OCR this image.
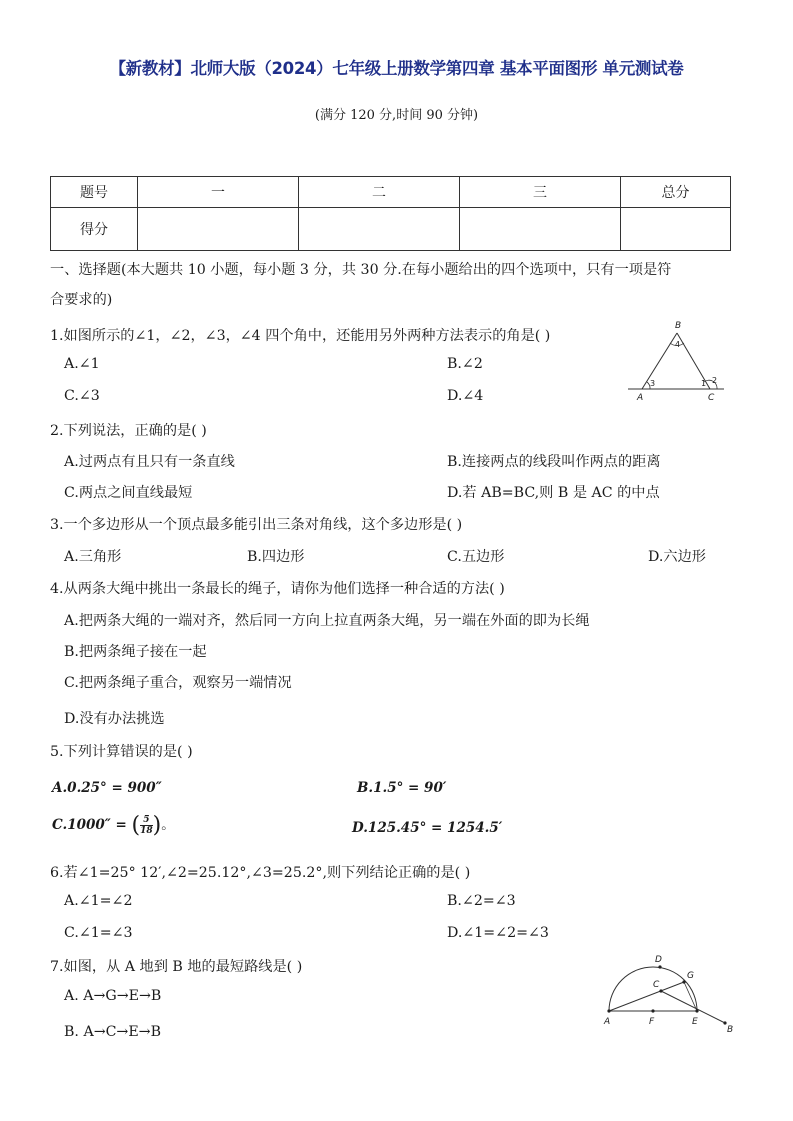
【新教材】北师大版（2024）七年级上册数学第四章 基本平面图形 单元测试卷
(满分 120 分,时间 90 分钟)
题号	一	二	三	总分
得分				
一、选择题(本大题共 10 小题，每小题 3 分，共 30 分.在每小题给出的四个选项中，只有一项是符
合要求的)
1.如图所示的∠1，∠2，∠3，∠4 四个角中，还能用另外两种方法表示的角是( )
A.∠1	B.∠2
C.∠3	D.∠4
B
4
3	1 2
A	C
2.下列说法，正确的是( )
A.过两点有且只有一条直线	B.连接两点的线段叫作两点的距离
C.两点之间直线最短	D.若 AB=BC,则 B 是 AC 的中点
3.一个多边形从一个顶点最多能引出三条对角线，这个多边形是( )
A.三角形	B.四边形	C.五边形	D.六边形
4.从两条大绳中挑出一条最长的绳子，请你为他们选择一种合适的方法( )
A.把两条大绳的一端对齐，然后同一方向上拉直两条大绳，另一端在外面的即为长绳
B.把两条绳子接在一起
C.把两条绳子重合，观察另一端情况
D.没有办法挑选
5.下列计算错误的是( )
A.0.25° = 900″	B.1.5° = 90′
C.1000″ = ( $\frac{5}{18}$ )。	D.125.45° = 1254.5′
6.若∠1=25° 12′,∠2=25.12°,∠3=25.2°,则下列结论正确的是( )
A.∠1=∠2	B.∠2=∠3
C.∠1=∠3	D.∠1=∠2=∠3
7.如图，从 A 地到 B 地的最短路线是( )
A. A→G→E→B
B. A→C→E→B
D
G
C
A	F	E
B
